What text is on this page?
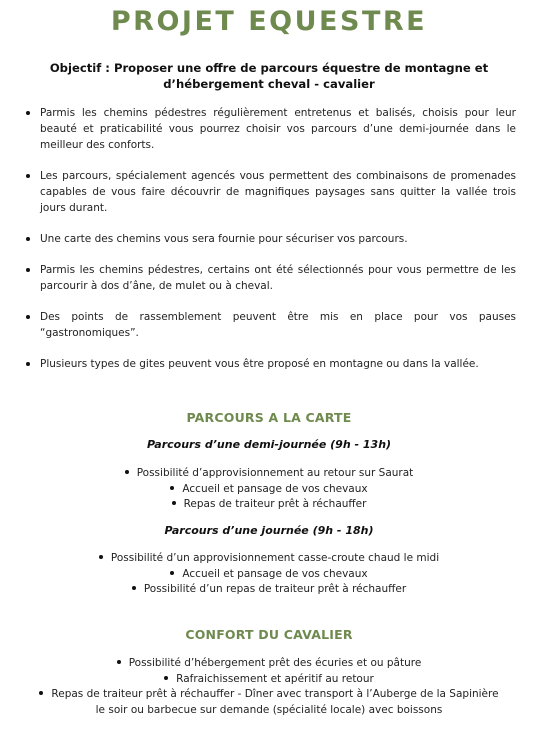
PROJET EQUESTRE
Objectif : Proposer une offre de parcours équestre de montagne et
d’hébergement cheval - cavalier
Parmis les chemins pédestres régulièrement entretenus et balisés, choisis pour leur beauté et praticabilité vous pourrez choisir vos parcours d’une demi-journée dans le meilleur des conforts.
Les parcours, spécialement agencés vous permettent des combinaisons de promenades capables de vous faire découvrir de magnifiques paysages sans quitter la vallée trois jours durant.
Une carte des chemins vous sera fournie pour sécuriser vos parcours.
Parmis les chemins pédestres, certains ont été sélectionnés pour vous permettre de les parcourir à dos d’âne, de mulet ou à cheval.
Des points de rassemblement peuvent être mis en place pour vos pauses “gastronomiques”.
Plusieurs types de gites peuvent vous être proposé en montagne ou dans la vallée.
PARCOURS A LA CARTE
Parcours d’une demi-journée (9h - 13h)
Possibilité d’approvisionnement au retour sur Saurat
Accueil et pansage de vos chevaux
Repas de traiteur prêt à réchauffer
Parcours d’une journée (9h - 18h)
Possibilité d’un approvisionnement casse-croute chaud le midi
Accueil et pansage de vos chevaux
Possibilité d’un repas de traiteur prêt à réchauffer
CONFORT DU CAVALIER
Possibilité d’hébergement prêt des écuries et ou pâture
Rafraichissement et apéritif au retour
Repas de traiteur prêt à réchauffer - Dîner avec transport à l’Auberge de la Sapinière
le soir ou barbecue sur demande (spécialité locale) avec boissons
